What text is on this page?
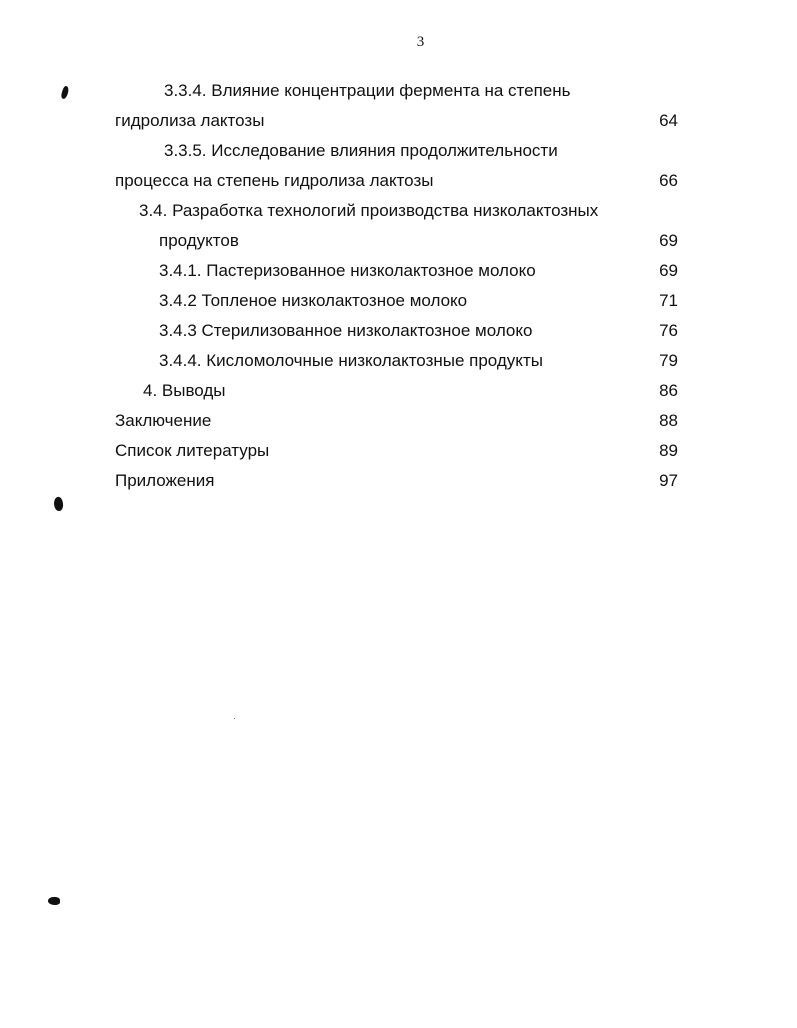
3
3.3.4. Влияние концентрации фермента на степень
гидролиза лактозы	64
3.3.5. Исследование влияния продолжительности
процесса на степень гидролиза лактозы	66
3.4. Разработка технологий производства низколактозных
продуктов	69
3.4.1. Пастеризованное низколактозное молоко	69
3.4.2 Топленое низколактозное молоко	71
3.4.3 Стерилизованное низколактозное молоко	76
3.4.4. Кисломолочные низколактозные продукты	79
4. Выводы	86
Заключение	88
Список литературы	89
Приложения	97
